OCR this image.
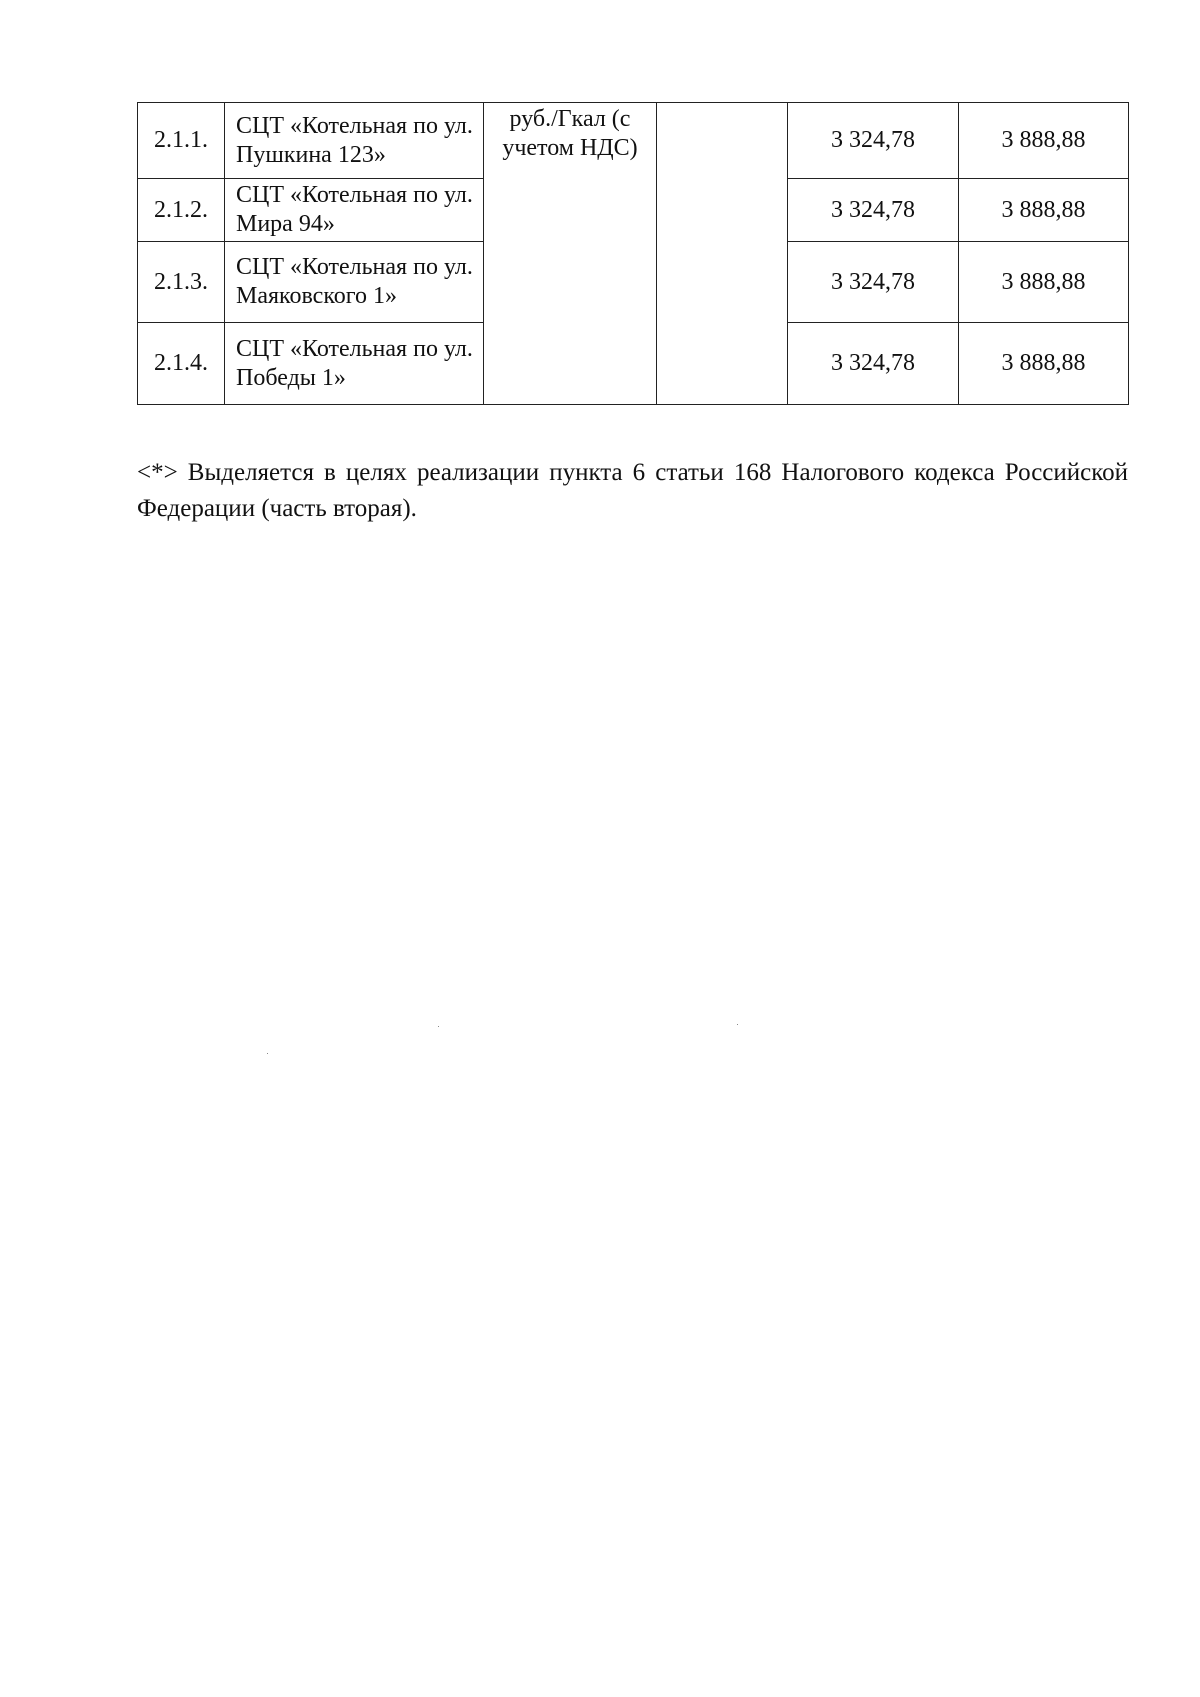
2.1.1.	СЦТ «Котельная по ул. Пушкина 123»	руб./Гкал (с учетом НДС)		3 324,78	3 888,88
2.1.2.	СЦТ «Котельная по ул. Мира 94»			3 324,78	3 888,88
2.1.3.	СЦТ «Котельная по ул. Маяковского 1»			3 324,78	3 888,88
2.1.4.	СЦТ «Котельная по ул. Победы 1»			3 324,78	3 888,88

<*> Выделяется в целях реализации пункта 6 статьи 168 Налогового кодекса Российской Федерации (часть вторая).
